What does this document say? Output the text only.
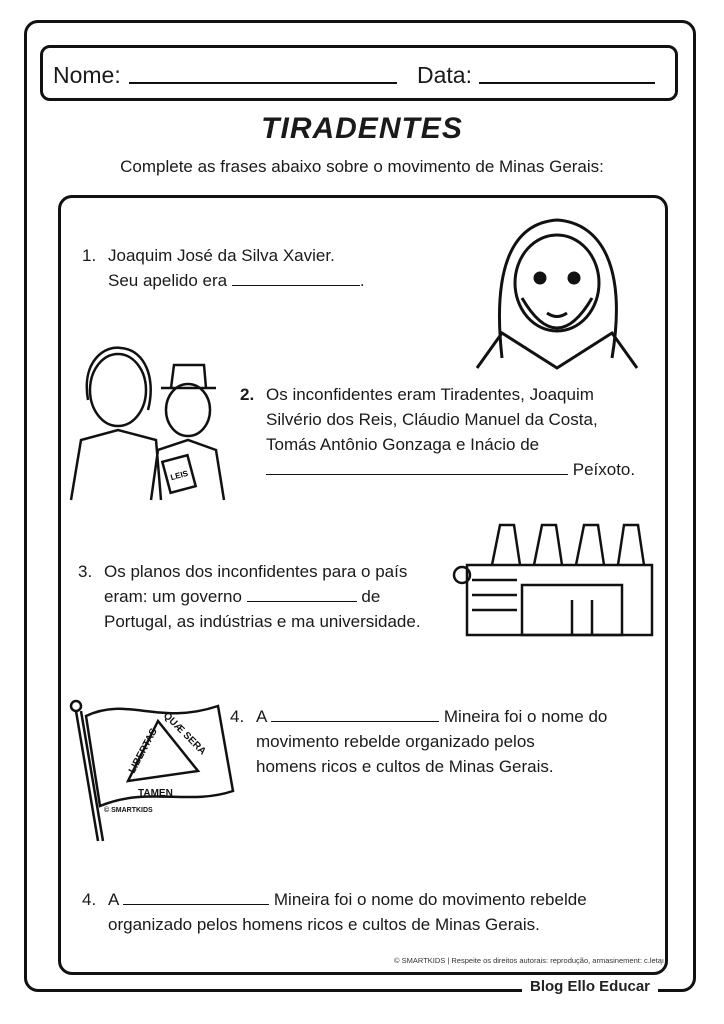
Blog Ello Educar
Nome:	Data:
TIRADENTES
Complete as frases abaixo sobre o movimento de Minas Gerais:
1. Joaquim José da Silva Xavier.
Seu apelido era	.
LEIS
2. Os inconfidentes eram Tiradentes, Joaquim
Silvério dos Reis, Cláudio Manuel da Costa,
Tomás Antônio Gonzaga e Inácio de
Peíxoto.
3. Os planos dos inconfidentes para o país
eram: um governo	de
Portugal, as indústrias e ma universidade.
LIBERTAS QUÆ SERA
TAMEN
© SMARTKIDS
4. A	Mineira foi o nome do
movimento rebelde organizado pelos
homens ricos e cultos de Minas Gerais.
4. A	Mineira foi o nome do movimento rebelde
organizado pelos homens ricos e cultos de Minas Gerais.
© SMARTKIDS | Respeite os direitos autorais: reprodução, armasinement: c.letąı
